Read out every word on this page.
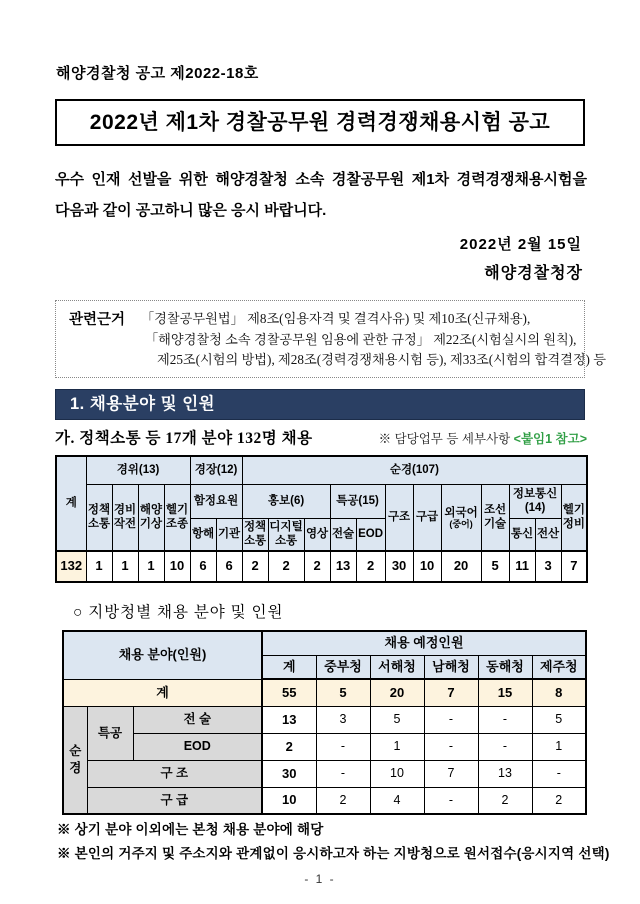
해양경찰청 공고 제2022-18호
2022년 제1차 경찰공무원 경력경쟁채용시험 공고
우수 인재 선발을 위한 해양경찰청 소속 경찰공무원 제1차 경력경쟁채용시험을 다음과 같이 공고하니 많은 응시 바랍니다.
2022년 2월 15일
해양경찰청장
관련근거	「경찰공무원법」 제8조(임용자격 및 결격사유) 및 제10조(신규채용),
「해양경찰청 소속 경찰공무원 임용에 관한 규정」 제22조(시험실시의 원칙),
제25조(시험의 방법), 제28조(경력경쟁채용시험 등), 제33조(시험의 합격결정) 등
1. 채용분야 및 인원
가. 정책소통 등 17개 분야 132명 채용	※ 담당업무 등 세부사항 <붙임1 참고>
계	경위(13)				경장(12)		순경(107)											
	정책소통	경비작전	해양기상	헬기조종	함정요원		홍보(6)			특공(15)		구조	구급	외국어
(중어)	조선기술	정보통신(14)		헬기정비
					항해	기관	정책소통	디지털소통	영상	전술	EOD					통신	전산	
132	1	1	1	10	6	6	2	2	2	13	2	30	10	20	5	11	3	7
○ 지방청별 채용 분야 및 인원
채용 분야(인원)			채용 예정인원					
			계	중부청	서해청	남해청	동해청	제주청
계			55	5	20	7	15	8
순경	특공	전 술	13	3	5	-	-	5
		EOD	2	-	1	-	-	1
	구 조		30	-	10	7	13	-
	구 급		10	2	4	-	2	2
※ 상기 분야 이외에는 본청 채용 분야에 해당
※ 본인의 거주지 및 주소지와 관계없이 응시하고자 하는 지방청으로 원서접수(응시지역 선택)
- 1 -
